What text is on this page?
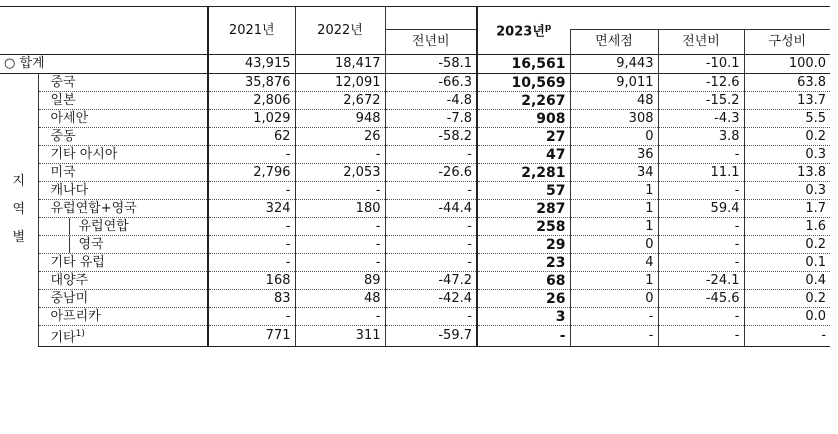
		2021년	2022년		2023년$^p$	
				전년비		면세점	전년비	구성비
○ 합계		43,915	18,417	-58.1	16,561	9,443	-10.1	100.0

지
역
별	중국	35,876	12,091	-66.3	10,569	9,011	-12.6	63.8
	일본	2,806	2,672	-4.8	2,267	48	-15.2	13.7
	아세안	1,029	948	-7.8	908	308	-4.3	5.5
	중동	62	26	-58.2	27	0	3.8	0.2
	기타 아시아	-	-	-	47	36	-	0.3
	미국	2,796	2,053	-26.6	2,281	34	11.1	13.8
	캐나다	-	-	-	57	1	-	0.3
	유럽연합+영국	324	180	-44.4	287	1	59.4	1.7
	유럽연합	-	-	-	258	1	-	1.6
	영국	-	-	-	29	0	-	0.2
	기타 유럽	-	-	-	23	4	-	0.1
	대양주	168	89	-47.2	68	1	-24.1	0.4
	중남미	83	48	-42.4	26	0	-45.6	0.2
	아프리카	-	-	-	3	-	-	0.0
	기타$^{1)}$	771	311	-59.7	-	-	-	-
